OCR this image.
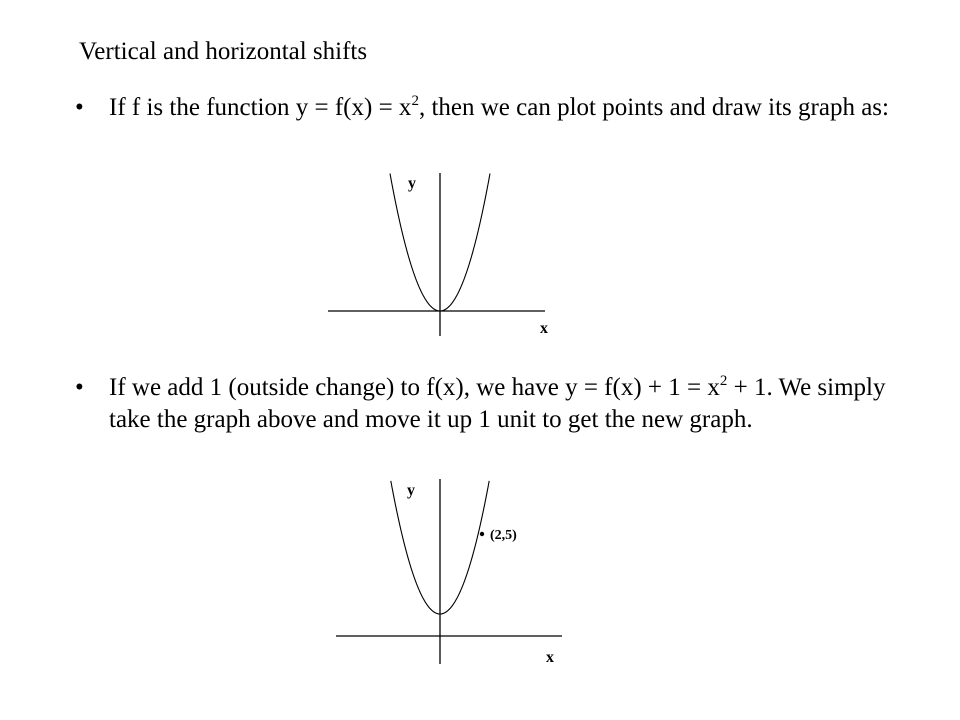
Vertical and horizontal shifts
•	If f is the function $y = f(x) = x^2$, then we can plot points and draw its graph as:
•	If we add 1 (outside change) to f(x), we have $y = f(x) + 1 = x^2 + 1$. We simply take the graph above and move it up 1 unit to get the new graph.
x
y
x
y
(2,5)
